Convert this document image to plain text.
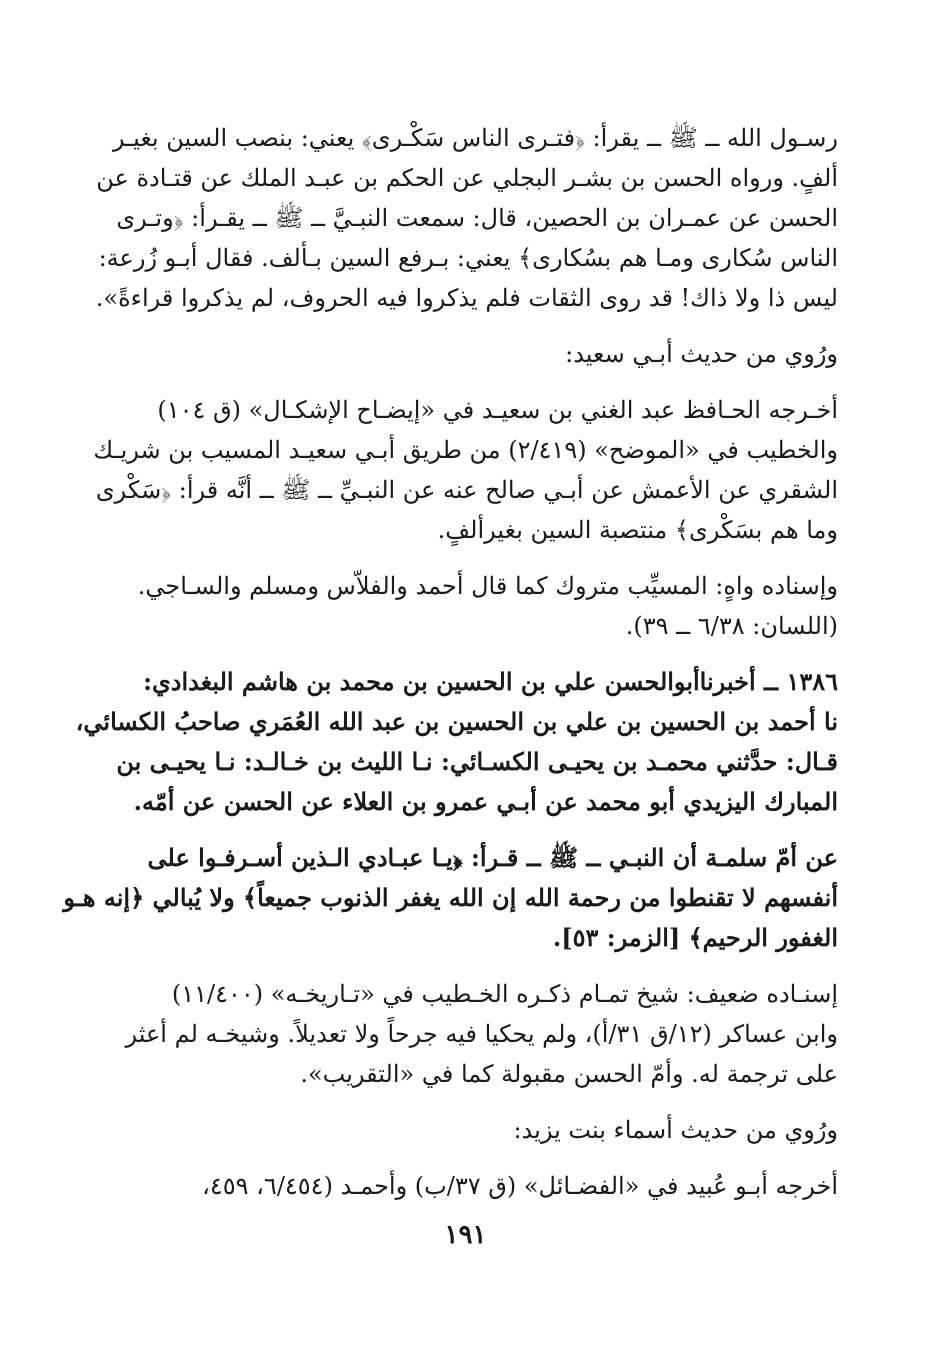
رسـول الله ــ ﷺ ــ يقرأ: ﴿فتـرى الناس سَكْـرى﴾ يعني: بنصب السين بغيـر
ألفٍ. ورواه الحسن بن بشـر البجلي عن الحكم بن عبـد الملك عن قتـادة عن
الحسن عن عمـران بن الحصين، قال: سمعت النبـيَّ ــ ﷺ ــ يقـرأ: ﴿وتـرى
الناس سُكارى ومـا هم بسُكارى﴾ يعني: بـرفع السين بـألف. فقال أبـو زُرعة:
ليس ذا ولا ذاك! قد روى الثقات فلم يذكروا فيه الحروف، لم يذكروا قراءةً».
ورُوي من حديث أبـي سعيد:
أخـرجه الحـافظ عبد الغني بن سعيـد في «إيضـاح الإشكـال» (ق ١٠٤)
والخطيب في «الموضح» (٢/٤١٩) من طريق أبـي سعيـد المسيب بن شريـك
الشقري عن الأعمش عن أبـي صالح عنه عن النبـيِّ ــ ﷺ ــ أنَّه قرأ: ﴿سَكْرى
وما هم بسَكْرى﴾ منتصبة السين بغيرألفٍ.
وإسناده واهٍ: المسيِّب متروك كما قال أحمد والفلاّس ومسلم والسـاجي.
(اللسان: ٦/٣٨ ــ ٣٩).
١٣٨٦ ــ أخبرناأبوالحسن علي بن الحسين بن محمد بن هاشم البغدادي:
نا أحمد بن الحسين بن علي بن الحسين بن عبد الله العُمَري صاحبُ الكسائي،
قـال: حدَّثني محمـد بن يحيـى الكسـائي: نـا الليث بن خـالـد: نـا يحيـى بن
المبارك اليزيدي أبو محمد عن أبـي عمرو بن العلاء عن الحسن عن أمّه.
عن أمّ سلمـة أن النبـي ــ ﷺ ــ قـرأ: ﴿يـا عبـادي الـذين أسـرفـوا على
أنفسهم لا تقنطوا من رحمة الله إن الله يغفر الذنوب جميعاً﴾ ولا يُبالي ﴿إنه هـو
الغفور الرحيم﴾ [الزمر: ٥٣].
إسنـاده ضعيف: شيخ تمـام ذكـره الخـطيب في «تـاريخـه» (١١/٤٠٠)
وابن عساكر (١٢/ق ٣١/أ)، ولم يحكيا فيه جرحاً ولا تعديلاً. وشيخـه لم أعثر
على ترجمة له. وأمّ الحسن مقبولة كما في «التقريب».
ورُوي من حديث أسماء بنت يزيد:
أخرجه أبـو عُبيد في «الفضـائل» (ق ٣٧/ب) وأحمـد (٦/٤٥٤، ٤٥٩،
١٩١
